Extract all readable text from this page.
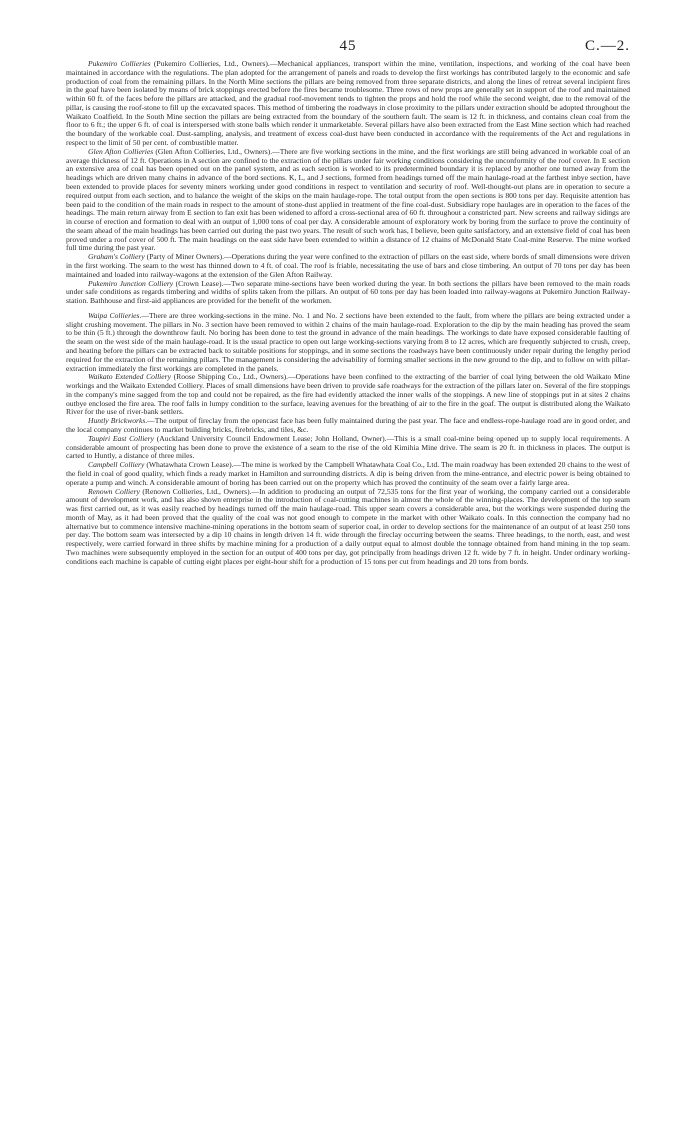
45	C.—2.

Pukemiro Collieries (Pukemiro Collieries, Ltd., Owners).—Mechanical appliances, transport within the mine, ventilation, inspections, and working of the coal have been maintained in accordance with the regulations. The plan adopted for the arrangement of panels and roads to develop the first workings has contributed largely to the economic and safe production of coal from the remaining pillars. In the North Mine sections the pillars are being removed from three separate districts, and along the lines of retreat several incipient fires in the goaf have been isolated by means of brick stoppings erected before the fires became troublesome. Three rows of new props are generally set in support of the roof and maintained within 60 ft. of the faces before the pillars are attacked, and the gradual roof-movement tends to tighten the props and hold the roof while the second weight, due to the removal of the pillar, is causing the roof-stone to fill up the excavated spaces. This method of timbering the roadways in close proximity to the pillars under extraction should be adopted throughout the Waikato Coalfield. In the South Mine section the pillars are being extracted from the boundary of the southern fault. The seam is 12 ft. in thickness, and contains clean coal from the floor to 6 ft.; the upper 6 ft. of coal is interspersed with stone balls which render it unmarketable. Several pillars have also been extracted from the East Mine section which had reached the boundary of the workable coal. Dust-sampling, analysis, and treatment of excess coal-dust have been conducted in accordance with the requirements of the Act and regulations in respect to the limit of 50 per cent. of combustible matter.

Glen Afton Collieries (Glen Afton Collieries, Ltd., Owners).—There are five working sections in the mine, and the first workings are still being advanced in workable coal of an average thickness of 12 ft. Operations in A section are confined to the extraction of the pillars under fair working conditions considering the unconformity of the roof cover. In E section an extensive area of coal has been opened out on the panel system, and as each section is worked to its predetermined boundary it is replaced by another one turned away from the headings which are driven many chains in advance of the bord sections. K, L, and J sections, formed from headings turned off the main haulage-road at the farthest inbye section, have been extended to provide places for seventy miners working under good conditions in respect to ventilation and security of roof. Well-thought-out plans are in operation to secure a required output from each section, and to balance the weight of the skips on the main haulage-rope. The total output from the open sections is 800 tons per day. Requisite attention has been paid to the condition of the main roads in respect to the amount of stone-dust applied in treatment of the fine coal-dust. Subsidiary rope haulages are in operation to the faces of the headings. The main return airway from E section to fan exit has been widened to afford a cross-sectional area of 60 ft. throughout a constricted part. New screens and railway sidings are in course of erection and formation to deal with an output of 1,000 tons of coal per day. A considerable amount of exploratory work by boring from the surface to prove the continuity of the seam ahead of the main headings has been carried out during the past two years. The result of such work has, I believe, been quite satisfactory, and an extensive field of coal has been proved under a roof cover of 500 ft. The main headings on the east side have been extended to within a distance of 12 chains of McDonald State Coal-mine Reserve. The mine worked full time during the past year.

Graham's Colliery (Party of Miner Owners).—Operations during the year were confined to the extraction of pillars on the east side, where bords of small dimensions were driven in the first working. The seam to the west has thinned down to 4 ft. of coal. The roof is friable, necessitating the use of bars and close timbering. An output of 70 tons per day has been maintained and loaded into railway-wagons at the extension of the Glen Afton Railway.

Pukemiro Junction Colliery (Crown Lease).—Two separate mine-sections have been worked during the year. In both sections the pillars have been removed to the main roads under safe conditions as regards timbering and widths of splits taken from the pillars. An output of 60 tons per day has been loaded into railway-wagons at Pukemiro Junction Railway-station. Bathhouse and first-aid appliances are provided for the benefit of the workmen.

Waipa Collieries.—There are three working-sections in the mine. No. 1 and No. 2 sections have been extended to the fault, from where the pillars are being extracted under a slight crushing movement. The pillars in No. 3 section have been removed to within 2 chains of the main haulage-road. Exploration to the dip by the main heading has proved the seam to be thin (5 ft.) through the downthrow fault. No boring has been done to test the ground in advance of the main headings. The workings to date have exposed considerable faulting of the seam on the west side of the main haulage-road. It is the usual practice to open out large working-sections varying from 8 to 12 acres, which are frequently subjected to crush, creep, and heating before the pillars can be extracted back to suitable positions for stoppings, and in some sections the roadways have been continuously under repair during the lengthy period required for the extraction of the remaining pillars. The management is considering the advisability of forming smaller sections in the new ground to the dip, and to follow on with pillar-extraction immediately the first workings are completed in the panels.

Waikato Extended Colliery (Roose Shipping Co., Ltd., Owners).—Operations have been confined to the extracting of the barrier of coal lying between the old Waikato Mine workings and the Waikato Extended Colliery. Places of small dimensions have been driven to provide safe roadways for the extraction of the pillars later on. Several of the fire stoppings in the company's mine sagged from the top and could not be repaired, as the fire had evidently attacked the inner walls of the stoppings. A new line of stoppings put in at sites 2 chains outbye enclosed the fire area. The roof falls in lumpy condition to the surface, leaving avenues for the breathing of air to the fire in the goaf. The output is distributed along the Waikato River for the use of river-bank settlers.

Huntly Brickworks.—The output of fireclay from the opencast face has been fully maintained during the past year. The face and endless-rope-haulage road are in good order, and the local company continues to market building bricks, firebricks, and tiles, &c.

Taupiri East Colliery (Auckland University Council Endowment Lease; John Holland, Owner).—This is a small coal-mine being opened up to supply local requirements. A considerable amount of prospecting has been done to prove the existence of a seam to the rise of the old Kimihia Mine drive. The seam is 20 ft. in thickness in places. The output is carted to Huntly, a distance of three miles.

Campbell Colliery (Whatawhata Crown Lease).—The mine is worked by the Campbell Whatawhata Coal Co., Ltd. The main roadway has been extended 20 chains to the west of the field in coal of good quality, which finds a ready market in Hamilton and surrounding districts. A dip is being driven from the mine-entrance, and electric power is being obtained to operate a pump and winch. A considerable amount of boring has been carried out on the property which has proved the continuity of the seam over a fairly large area.

Renown Colliery (Renown Collieries, Ltd., Owners).—In addition to producing an output of 72,535 tons for the first year of working, the company carried out a considerable amount of development work, and has also shown enterprise in the introduction of coal-cutting machines in almost the whole of the winning-places. The development of the top seam was first carried out, as it was easily reached by headings turned off the main haulage-road. This upper seam covers a considerable area, but the workings were suspended during the month of May, as it had been proved that the quality of the coal was not good enough to compete in the market with other Waikato coals. In this connection the company had no alternative but to commence intensive machine-mining operations in the bottom seam of superior coal, in order to develop sections for the maintenance of an output of at least 250 tons per day. The bottom seam was intersected by a dip 10 chains in length driven 14 ft. wide through the fireclay occurring between the seams. Three headings, to the north, east, and west respectively, were carried forward in three shifts by machine mining for a production of a daily output equal to almost double the tonnage obtained from hand mining in the top seam. Two machines were subsequently employed in the section for an output of 400 tons per day, got principally from headings driven 12 ft. wide by 7 ft. in height. Under ordinary working-conditions each machine is capable of cutting eight places per eight-hour shift for a production of 15 tons per cut from headings and 20 tons from bords.
